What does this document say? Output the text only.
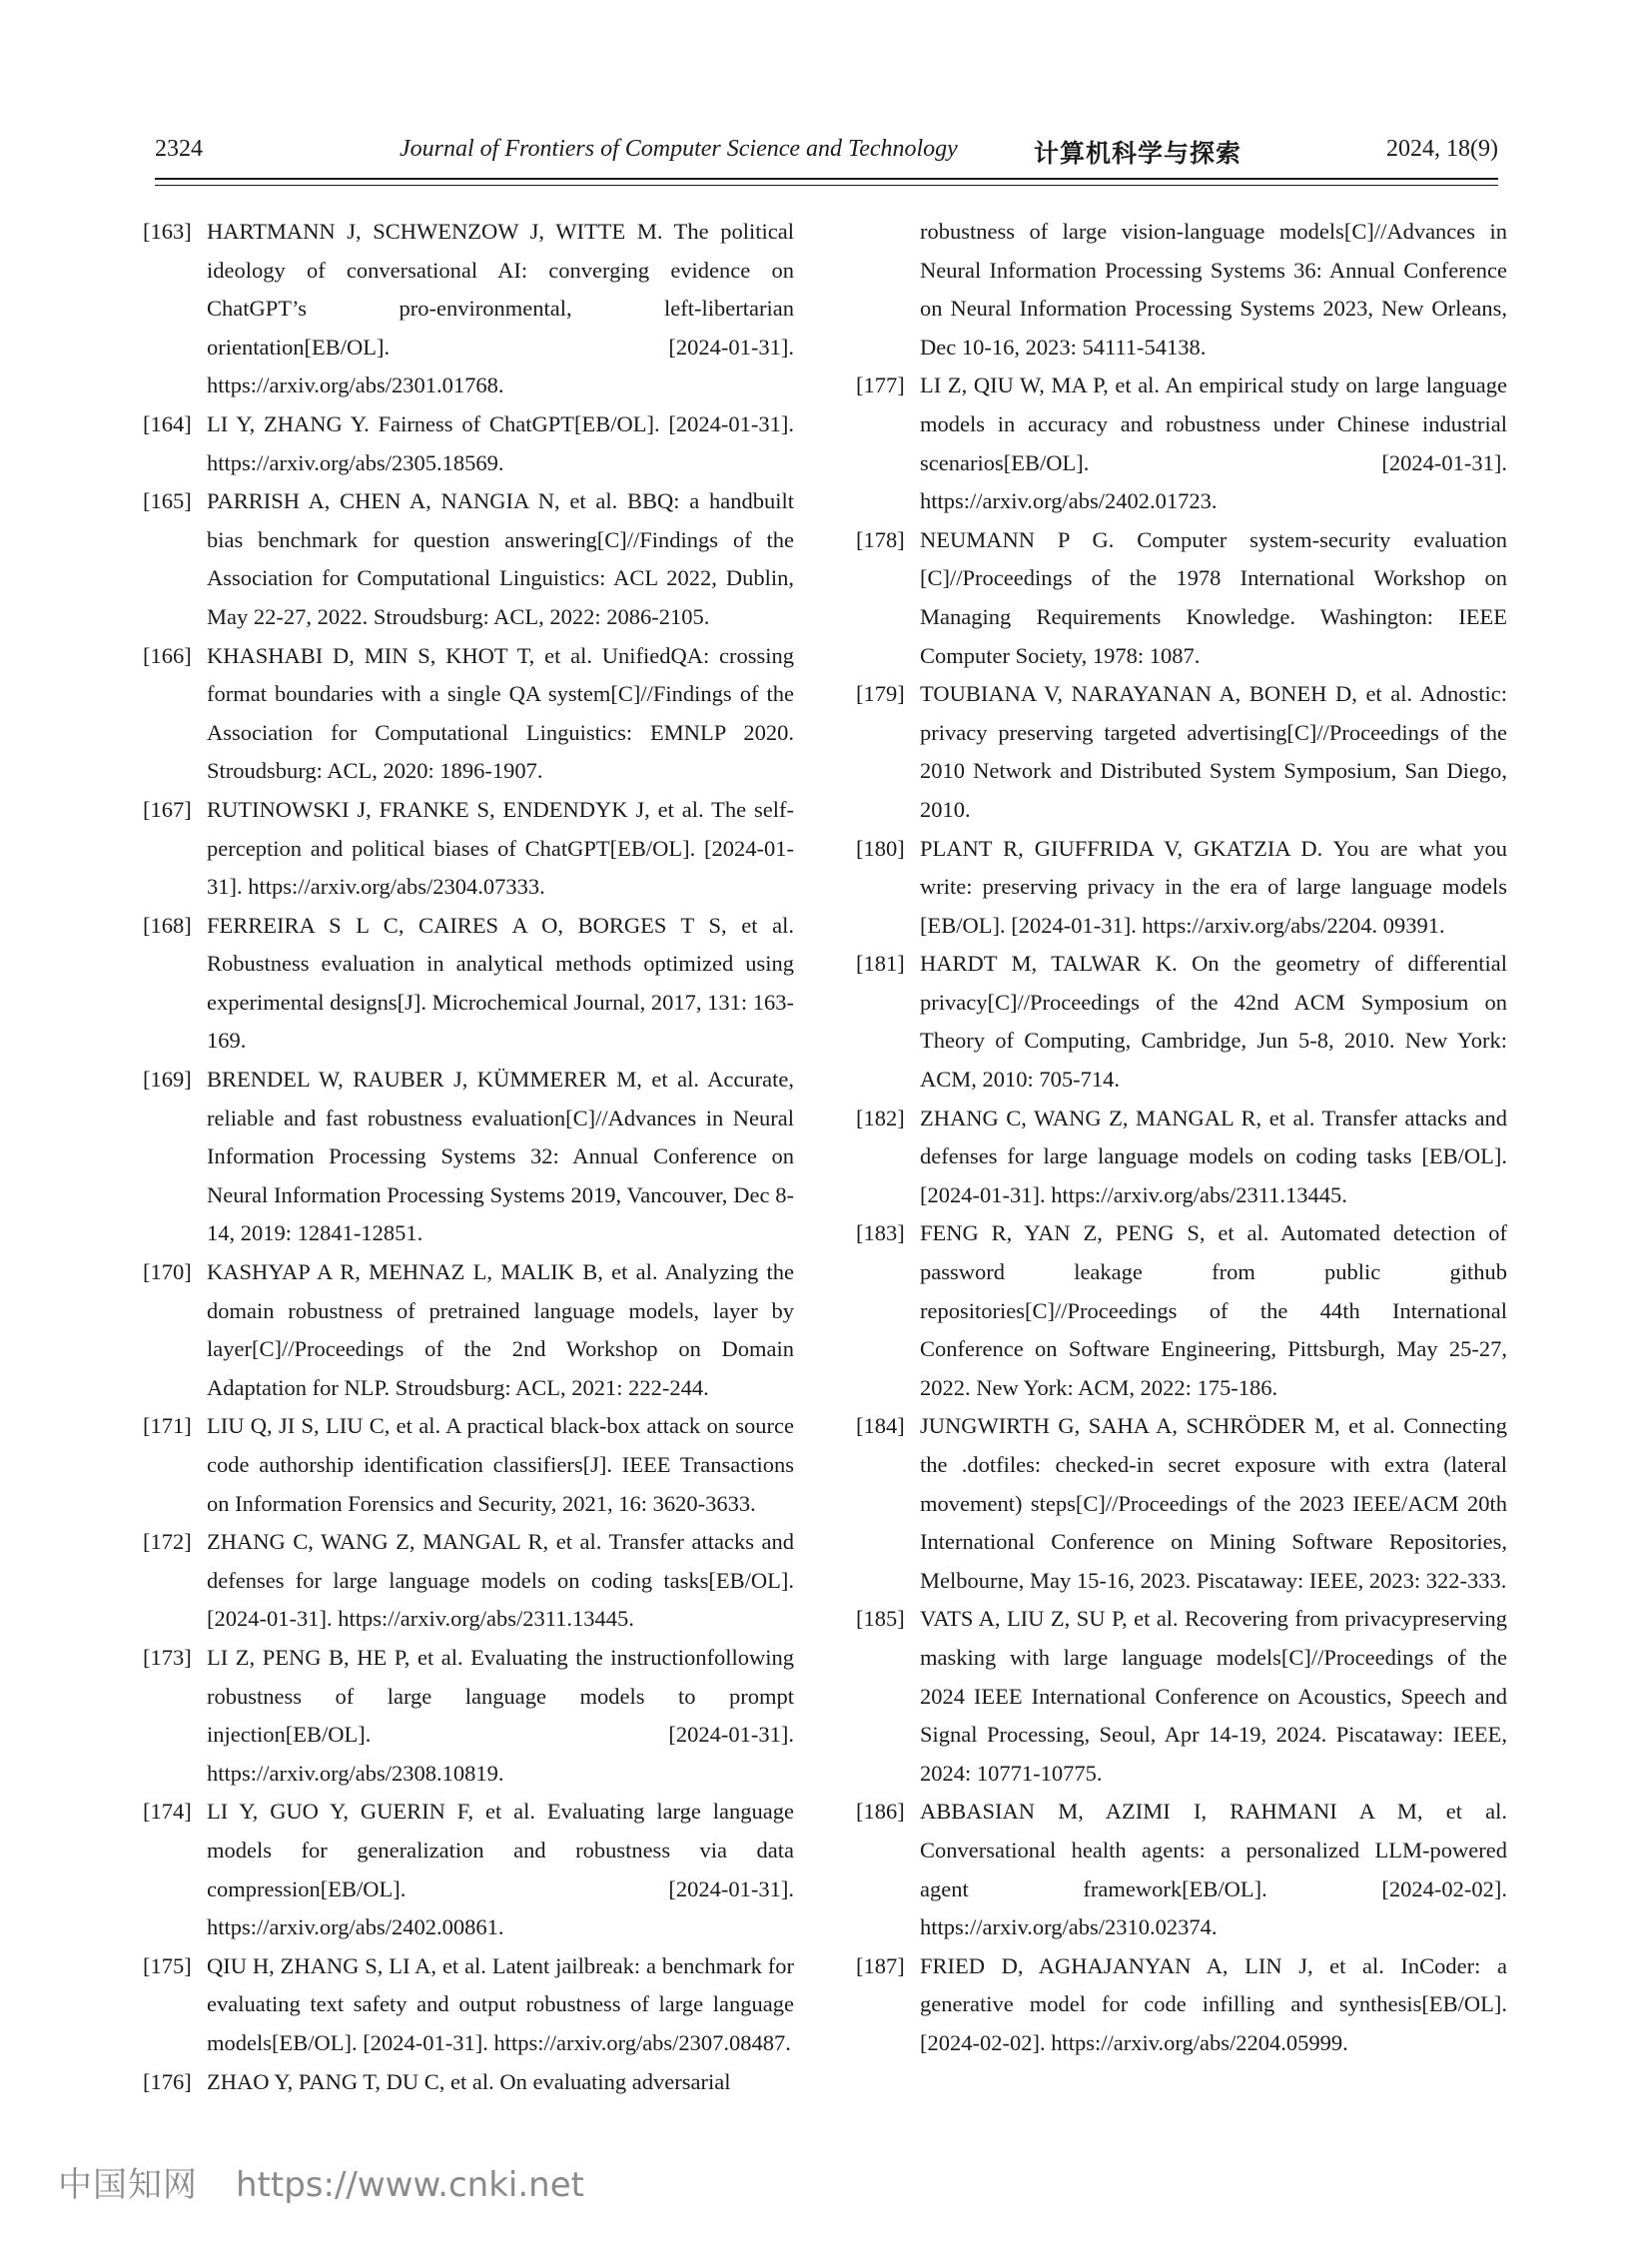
2324	Journal of Frontiers of Computer Science and Technology	计算机科学与探索	2024, 18(9)
[163] HARTMANN J, SCHWENZOW J, WITTE M. The political ideology of conversational AI: converging evidence on ChatGPT’s pro-environmental, left-libertarian orientation[EB/OL]. [2024-01-31]. https://arxiv.org/abs/2301.01768.
[164] LI Y, ZHANG Y. Fairness of ChatGPT[EB/OL]. [2024-01-31]. https://arxiv.org/abs/2305.18569.
[165] PARRISH A, CHEN A, NANGIA N, et al. BBQ: a handbuilt bias benchmark for question answering[C]//Findings of the Association for Computational Linguistics: ACL 2022, Dublin, May 22-27, 2022. Stroudsburg: ACL, 2022: 2086-2105.
[166] KHASHABI D, MIN S, KHOT T, et al. UnifiedQA: crossing format boundaries with a single QA system[C]//Findings of the Association for Computational Linguistics: EMNLP 2020. Stroudsburg: ACL, 2020: 1896-1907.
[167] RUTINOWSKI J, FRANKE S, ENDENDYK J, et al. The self-perception and political biases of ChatGPT[EB/OL]. [2024-01-31]. https://arxiv.org/abs/2304.07333.
[168] FERREIRA S L C, CAIRES A O, BORGES T S, et al. Robustness evaluation in analytical methods optimized using experimental designs[J]. Microchemical Journal, 2017, 131: 163-169.
[169] BRENDEL W, RAUBER J, KÜMMERER M, et al. Accurate, reliable and fast robustness evaluation[C]//Advances in Neural Information Processing Systems 32: Annual Conference on Neural Information Processing Systems 2019, Vancouver, Dec 8-14, 2019: 12841-12851.
[170] KASHYAP A R, MEHNAZ L, MALIK B, et al. Analyzing the domain robustness of pretrained language models, layer by layer[C]//Proceedings of the 2nd Workshop on Domain Adaptation for NLP. Stroudsburg: ACL, 2021: 222-244.
[171] LIU Q, JI S, LIU C, et al. A practical black-box attack on source code authorship identification classifiers[J]. IEEE Transactions on Information Forensics and Security, 2021, 16: 3620-3633.
[172] ZHANG C, WANG Z, MANGAL R, et al. Transfer attacks and defenses for large language models on coding tasks[EB/OL]. [2024-01-31]. https://arxiv.org/abs/2311.13445.
[173] LI Z, PENG B, HE P, et al. Evaluating the instructionfollowing robustness of large language models to prompt injection[EB/OL]. [2024-01-31]. https://arxiv.org/abs/2308.10819.
[174] LI Y, GUO Y, GUERIN F, et al. Evaluating large language models for generalization and robustness via data compression[EB/OL]. [2024-01-31]. https://arxiv.org/abs/2402.00861.
[175] QIU H, ZHANG S, LI A, et al. Latent jailbreak: a benchmark for evaluating text safety and output robustness of large language models[EB/OL]. [2024-01-31]. https://arxiv.org/abs/2307.08487.
[176] ZHAO Y, PANG T, DU C, et al. On evaluating adversarial
robustness of large vision-language models[C]//Advances in Neural Information Processing Systems 36: Annual Conference on Neural Information Processing Systems 2023, New Orleans, Dec 10-16, 2023: 54111-54138.
[177] LI Z, QIU W, MA P, et al. An empirical study on large language models in accuracy and robustness under Chinese industrial scenarios[EB/OL]. [2024-01-31]. https://arxiv.org/abs/2402.01723.
[178] NEUMANN P G. Computer system-security evaluation [C]//Proceedings of the 1978 International Workshop on Managing Requirements Knowledge. Washington: IEEE Computer Society, 1978: 1087.
[179] TOUBIANA V, NARAYANAN A, BONEH D, et al. Adnostic: privacy preserving targeted advertising[C]//Proceedings of the 2010 Network and Distributed System Symposium, San Diego, 2010.
[180] PLANT R, GIUFFRIDA V, GKATZIA D. You are what you write: preserving privacy in the era of large language models [EB/OL]. [2024-01-31]. https://arxiv.org/abs/2204. 09391.
[181] HARDT M, TALWAR K. On the geometry of differential privacy[C]//Proceedings of the 42nd ACM Symposium on Theory of Computing, Cambridge, Jun 5-8, 2010. New York: ACM, 2010: 705-714.
[182] ZHANG C, WANG Z, MANGAL R, et al. Transfer attacks and defenses for large language models on coding tasks [EB/OL]. [2024-01-31]. https://arxiv.org/abs/2311.13445.
[183] FENG R, YAN Z, PENG S, et al. Automated detection of password leakage from public github repositories[C]//Proceedings of the 44th International Conference on Software Engineering, Pittsburgh, May 25-27, 2022. New York: ACM, 2022: 175-186.
[184] JUNGWIRTH G, SAHA A, SCHRÖDER M, et al. Connecting the .dotfiles: checked-in secret exposure with extra (lateral movement) steps[C]//Proceedings of the 2023 IEEE/ACM 20th International Conference on Mining Software Repositories, Melbourne, May 15-16, 2023. Piscataway: IEEE, 2023: 322-333.
[185] VATS A, LIU Z, SU P, et al. Recovering from privacypreserving masking with large language models[C]//Proceedings of the 2024 IEEE International Conference on Acoustics, Speech and Signal Processing, Seoul, Apr 14-19, 2024. Piscataway: IEEE, 2024: 10771-10775.
[186] ABBASIAN M, AZIMI I, RAHMANI A M, et al. Conversational health agents: a personalized LLM-powered agent framework[EB/OL]. [2024-02-02]. https://arxiv.org/abs/2310.02374.
[187] FRIED D, AGHAJANYAN A, LIN J, et al. InCoder: a generative model for code infilling and synthesis[EB/OL]. [2024-02-02]. https://arxiv.org/abs/2204.05999.
中国知网 https://www.cnki.net
